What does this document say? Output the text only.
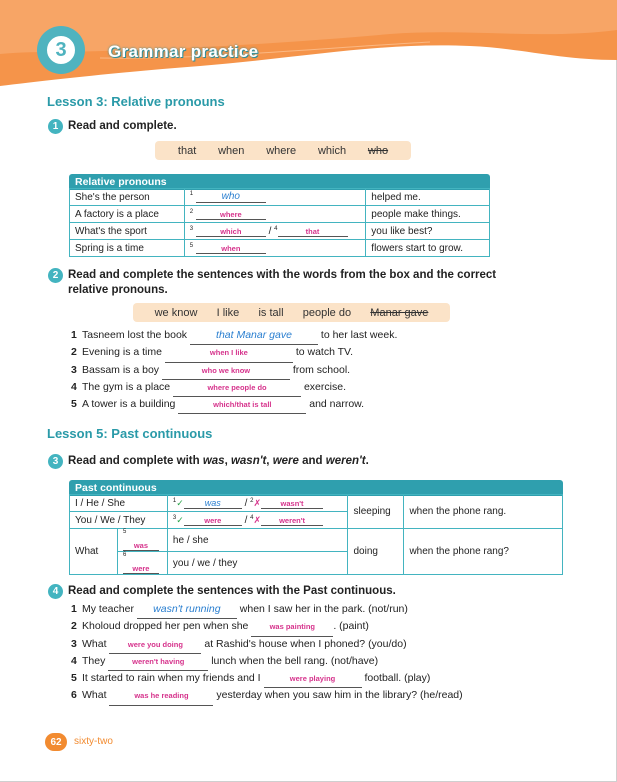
3	Grammar practice
Lesson 3: Relative pronouns
1 Read and complete.
that when where which who
Relative pronouns
She's the person	$^1$ who	helped me.
A factory is a place	$^2$ where	people make things.
What's the sport	$^3$ which / $^4$ that	you like best?
Spring is a time	$^5$ when	flowers start to grow.
2 Read and complete the sentences with the words from the box and the correct
relative pronouns.
we know I like is tall people do Manar gave
1 Tasneem lost the book	that Manar gave	to her last week.
2 Evening is a time	when I like	to watch TV.
3 Bassam is a boy	who we know	from school.
4 The gym is a place	where people do	exercise.
5 A tower is a building	which/that is tall	and narrow.
Lesson 5: Past continuous
3 Read and complete with was, wasn't, were and weren't.
Past continuous
I / He / She		$^1$✓ was / $^2$✗ wasn't	sleeping	when the phone rang.
You / We / They		$^3$✓ were / $^4$✗ weren't		
What	$^5$was	he / she	doing	when the phone rang?
	$^6$were	you / we / they		
4 Read and complete the sentences with the Past continuous.
1 My teacher wasn't running when I saw her in the park. (not/run)
2 Kholoud dropped her pen when she	was painting . (paint)
3 What	were you doing at Rashid's house when I phoned? (you/do)
4 They	weren't having	lunch when the bell rang. (not/have)
5 It started to rain when my friends and I	were playing	football. (play)
6 What	was he reading	yesterday when you saw him in the library? (he/read)
62	sixty-two
